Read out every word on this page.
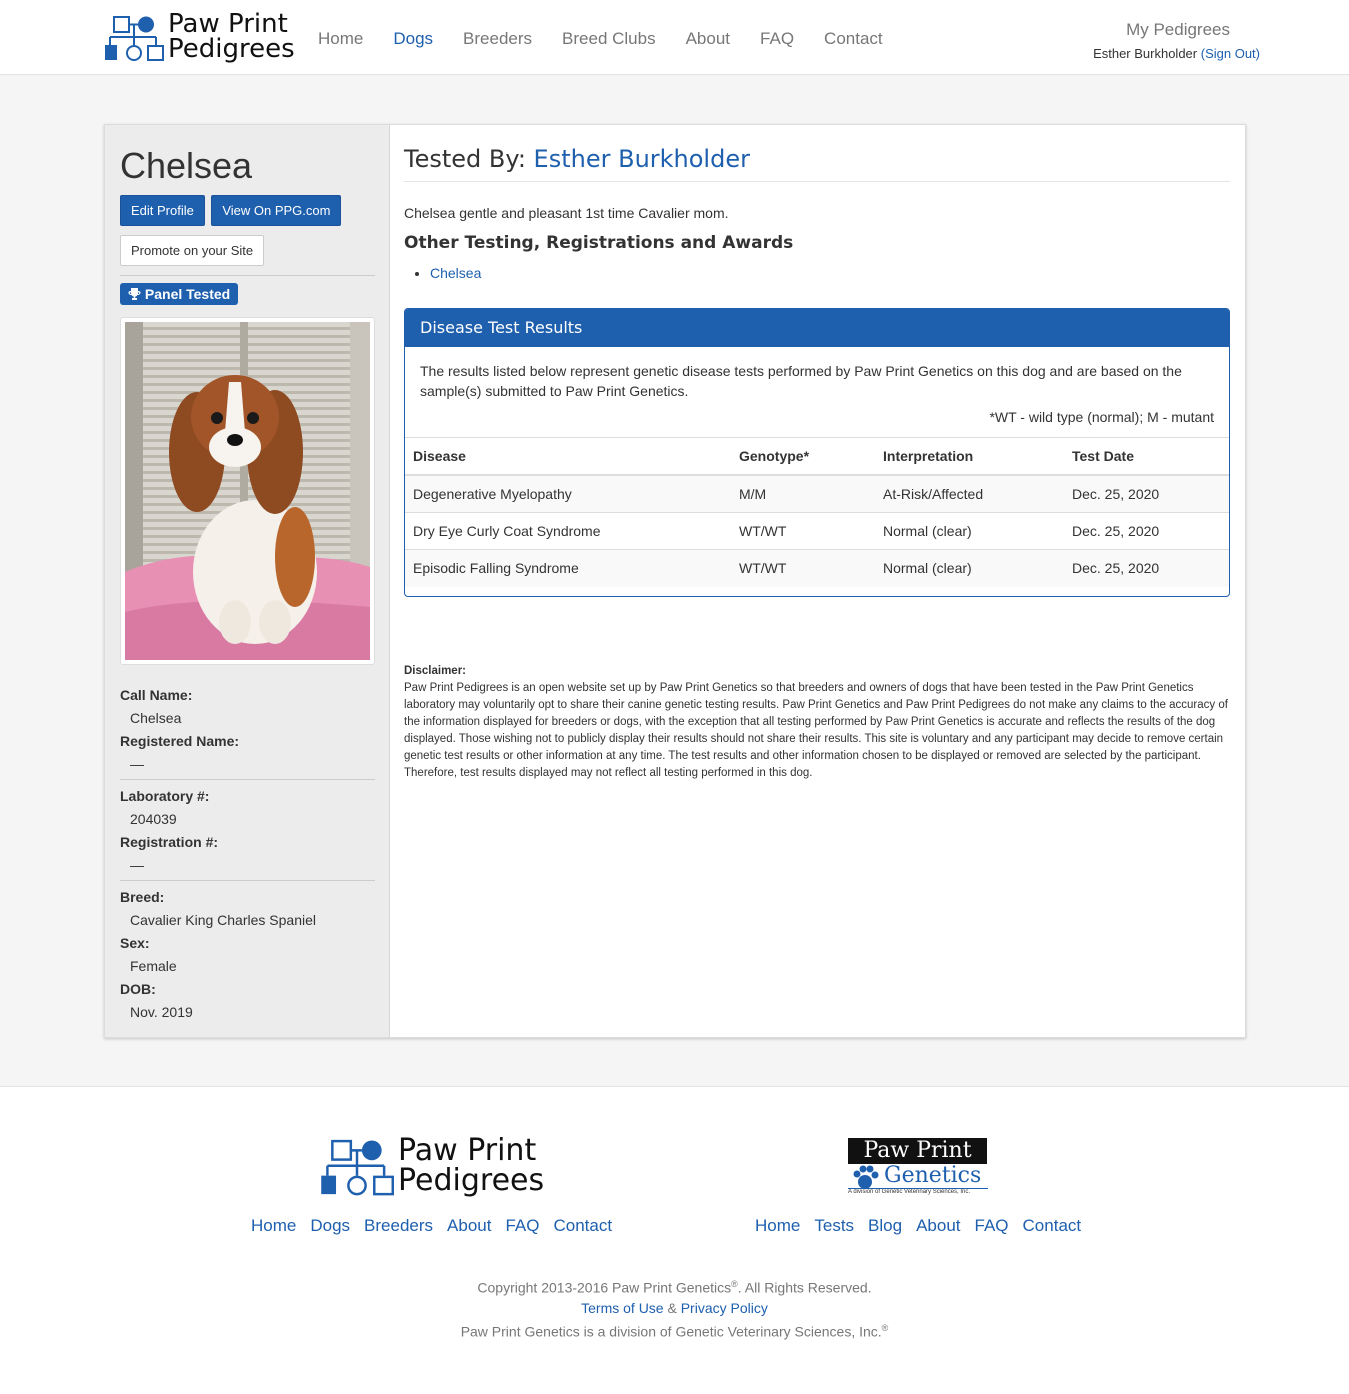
Paw Print
Pedigrees Home Dogs Breeders Breed Clubs About FAQ Contact	My Pedigrees
Esther Burkholder (Sign Out)
Chelsea
Edit Profile View On PPG.com
Promote on your Site
Panel Tested
Call Name:
Chelsea
Registered Name:
—
Laboratory #:
204039
Registration #:
—
Breed:
Cavalier King Charles Spaniel
Sex:
Female
DOB:
Nov. 2019
Tested By: Esther Burkholder

Chelsea gentle and pleasant 1st time Cavalier mom.

Other Testing, Registrations and Awards
• Chelsea
Disease Test Results

The results listed below represent genetic disease tests performed by Paw Print Genetics on this dog and are based on the sample(s) submitted to Paw Print Genetics.

*WT - wild type (normal); M - mutant

Disease	Genotype*	Interpretation	Test Date
Degenerative Myelopathy	M/M	At-Risk/Affected	Dec. 25, 2020
Dry Eye Curly Coat Syndrome	WT/WT	Normal (clear)	Dec. 25, 2020
Episodic Falling Syndrome	WT/WT	Normal (clear)	Dec. 25, 2020
Disclaimer:
Paw Print Pedigrees is an open website set up by Paw Print Genetics so that breeders and owners of dogs that have been tested in the Paw Print Genetics laboratory may voluntarily opt to share their canine genetic testing results. Paw Print Genetics and Paw Print Pedigrees do not make any claims to the accuracy of the information displayed for breeders or dogs, with the exception that all testing performed by Paw Print Genetics is accurate and reflects the results of the dog displayed. Those wishing not to publicly display their results should not share their results. This site is voluntary and any participant may decide to remove certain genetic test results or other information at any time. The test results and other information chosen to be displayed or removed are selected by the participant. Therefore, test results displayed may not reflect all testing performed in this dog.
Paw Print
Pedigrees
Paw Print
Genetics
A division of Genetic Veterinary Sciences, Inc.
Home Dogs Breeders About FAQ Contact	Home Tests Blog About FAQ Contact
Copyright 2013-2016 Paw Print Genetics®. All Rights Reserved.
Terms of Use & Privacy Policy
Paw Print Genetics is a division of Genetic Veterinary Sciences, Inc.®
